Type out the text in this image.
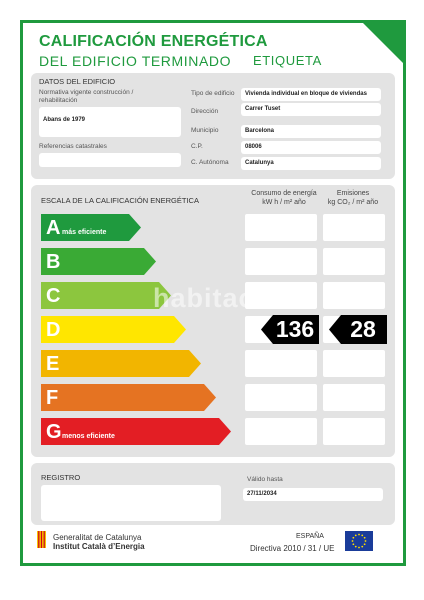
CALIFICACIÓN ENERGÉTICA
DEL EDIFICIO TERMINADO ETIQUETA
DATOS DEL EDIFICIO
Normativa vigente construcción / rehabilitación
Abans de 1979
Referencias catastrales
Tipo de edificio	Vivienda individual en bloque de viviendas
Dirección	Carrer Tuset
Municipio	Barcelona
C.P.	08006
C. Autónoma	Catalunya
ESCALA DE LA CALIFICACIÓN ENERGÉTICA
Consumo de energía
kW h / m² año
Emisiones
kg CO₂ / m² año
A más eficiente
B
C
D
E
F
G menos eficiente
136	28
habitaclia
REGISTRO	Válido hasta
27/11/2034
Generalitat de Catalunya
Institut Català d’Energia
ESPAÑA
Directiva 2010 / 31 / UE
